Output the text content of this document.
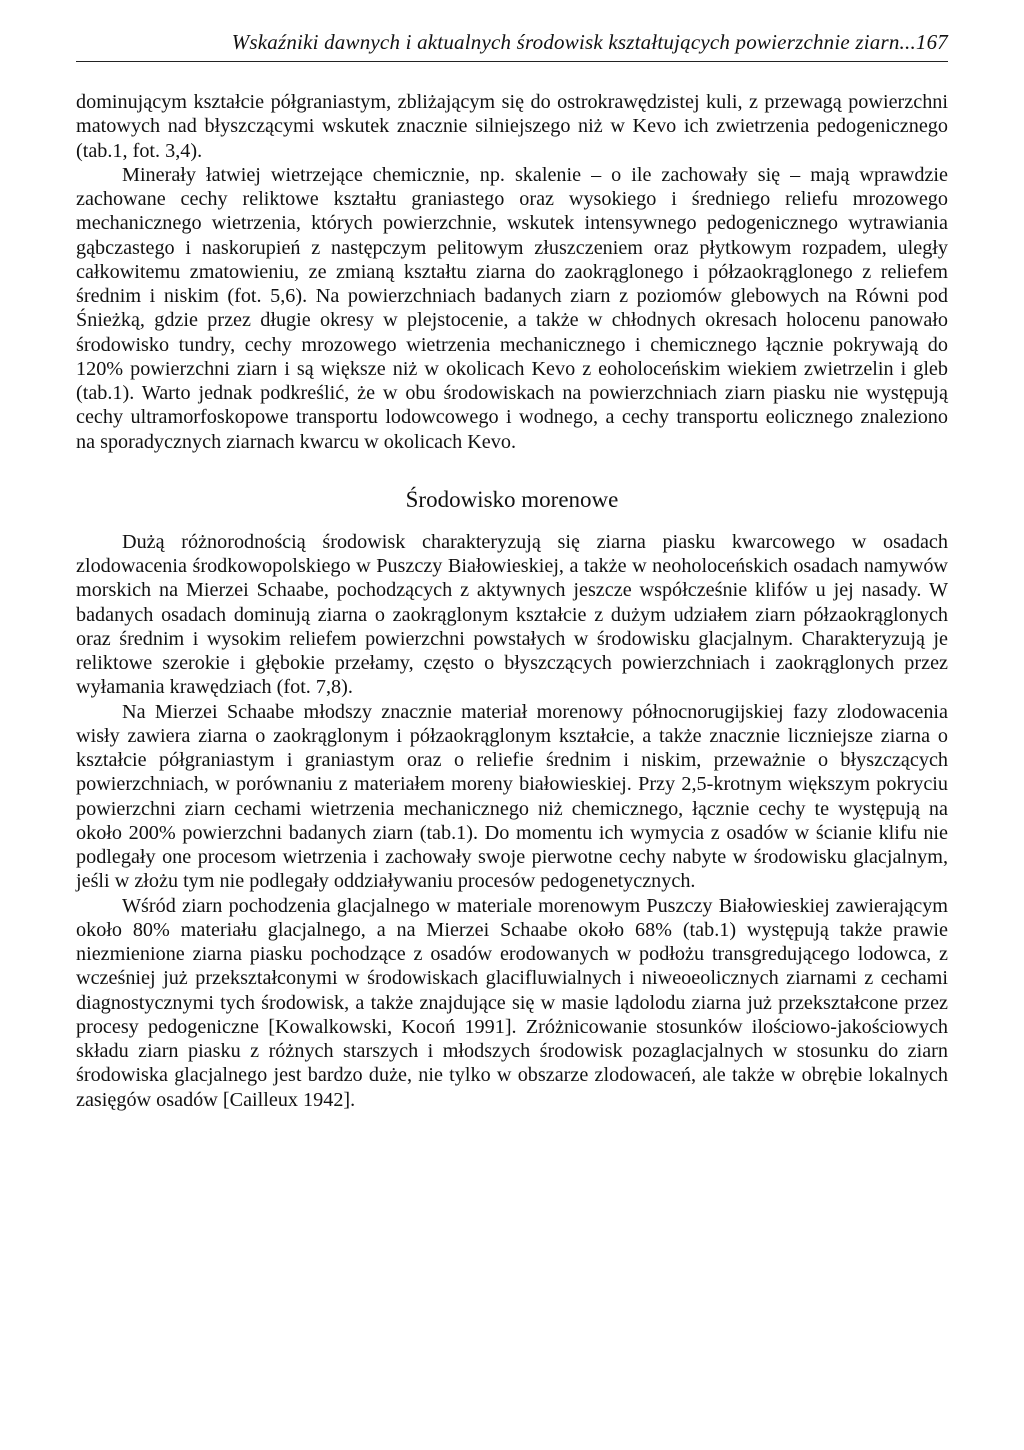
Wskaźniki dawnych i aktualnych środowisk kształtujących powierzchnie ziarn...167

dominującym kształcie półgraniastym, zbliżającym się do ostrokrawędzistej kuli, z przewagą powierzchni matowych nad błyszczącymi wskutek znacznie silniejszego niż w Kevo ich zwietrzenia pedogenicznego (tab.1, fot. 3,4).

Minerały łatwiej wietrzejące chemicznie, np. skalenie – o ile zachowały się – mają wprawdzie zachowane cechy reliktowe kształtu graniastego oraz wysokiego i średniego reliefu mrozowego mechanicznego wietrzenia, których powierzchnie, wskutek intensywnego pedogenicznego wytrawiania gąbczastego i naskorupień z następczym pelitowym złuszczeniem oraz płytkowym rozpadem, uległy całkowitemu zmatowieniu, ze zmianą kształtu ziarna do zaokrąglonego i półzaokrąglonego z reliefem średnim i niskim (fot. 5,6). Na powierzchniach badanych ziarn z poziomów glebowych na Równi pod Śnieżką, gdzie przez długie okresy w plejstocenie, a także w chłodnych okresach holocenu panowało środowisko tundry, cechy mrozowego wietrzenia mechanicznego i chemicznego łącznie pokrywają do 120% powierzchni ziarn i są większe niż w okolicach Kevo z eoholoceńskim wiekiem zwietrzelin i gleb (tab.1). Warto jednak podkreślić, że w obu środowiskach na powierzchniach ziarn piasku nie występują cechy ultramorfoskopowe transportu lodowcowego i wodnego, a cechy transportu eolicznego znaleziono na sporadycznych ziarnach kwarcu w okolicach Kevo.

Środowisko morenowe

Dużą różnorodnością środowisk charakteryzują się ziarna piasku kwarcowego w osadach zlodowacenia środkowopolskiego w Puszczy Białowieskiej, a także w neoholoceńskich osadach namywów morskich na Mierzei Schaabe, pochodzących z aktywnych jeszcze współcześnie klifów u jej nasady. W badanych osadach dominują ziarna o zaokrąglonym kształcie z dużym udziałem ziarn półzaokrąglonych oraz średnim i wysokim reliefem powierzchni powstałych w środowisku glacjalnym. Charakteryzują je reliktowe szerokie i głębokie przełamy, często o błyszczących powierzchniach i zaokrąglonych przez wyłamania krawędziach (fot. 7,8).

Na Mierzei Schaabe młodszy znacznie materiał morenowy północnorugijskiej fazy zlodowacenia wisły zawiera ziarna o zaokrąglonym i półzaokrąglonym kształcie, a także znacznie liczniejsze ziarna o kształcie półgraniastym i graniastym oraz o reliefie średnim i niskim, przeważnie o błyszczących powierzchniach, w porównaniu z materiałem moreny białowieskiej. Przy 2,5-krotnym większym pokryciu powierzchni ziarn cechami wietrzenia mechanicznego niż chemicznego, łącznie cechy te występują na około 200% powierzchni badanych ziarn (tab.1). Do momentu ich wymycia z osadów w ścianie klifu nie podlegały one procesom wietrzenia i zachowały swoje pierwotne cechy nabyte w środowisku glacjalnym, jeśli w złożu tym nie podlegały oddziaływaniu procesów pedogenetycznych.

Wśród ziarn pochodzenia glacjalnego w materiale morenowym Puszczy Białowieskiej zawierającym około 80% materiału glacjalnego, a na Mierzei Schaabe około 68% (tab.1) występują także prawie niezmienione ziarna piasku pochodzące z osadów erodowanych w podłożu transgredującego lodowca, z wcześniej już przekształconymi w środowiskach glacifluwialnych i niweoeolicznych ziarnami z cechami diagnostycznymi tych środowisk, a także znajdujące się w masie lądolodu ziarna już przekształcone przez procesy pedogeniczne [Kowalkowski, Kocoń 1991]. Zróżnicowanie stosunków ilościowo-jakościowych składu ziarn piasku z różnych starszych i młodszych środowisk pozaglacjalnych w stosunku do ziarn środowiska glacjalnego jest bardzo duże, nie tylko w obszarze zlodowaceń, ale także w obrębie lokalnych zasięgów osadów [Cailleux 1942].
